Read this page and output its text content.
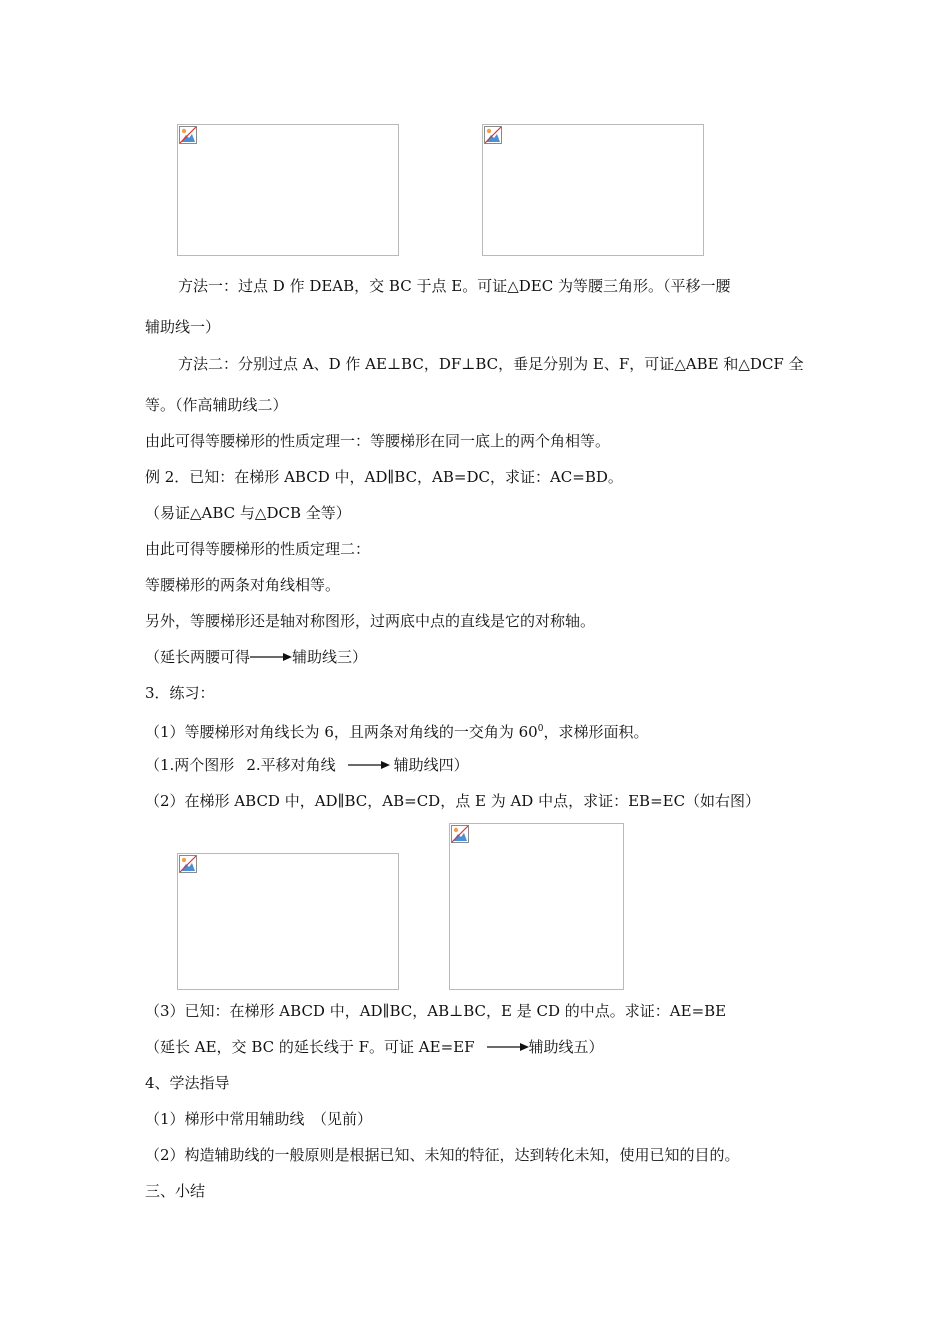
方法一：过点 D 作 DEAB，交 BC 于点 E。可证△DEC 为等腰三角形。（平移一腰
辅助线一）
方法二：分别过点 A、D 作 AE⊥BC，DF⊥BC，垂足分别为 E、F，可证△ABE 和△DCF 全
等。（作高辅助线二）
由此可得等腰梯形的性质定理一：等腰梯形在同一底上的两个角相等。
例 2．已知：在梯形 ABCD 中，AD∥BC，AB=DC，求证：AC=BD。
（易证△ABC 与△DCB 全等）
由此可得等腰梯形的性质定理二：
等腰梯形的两条对角线相等。
另外，等腰梯形还是轴对称图形，过两底中点的直线是它的对称轴。
（延长两腰可得	辅助线三）
3．练习：
（1）等腰梯形对角线长为 6，且两条对角线的一交角为 $60^0$，求梯形面积。
（1.两个图形 2.平移对角线	辅助线四）
（2）在梯形 ABCD 中，AD∥BC，AB=CD，点 E 为 AD 中点，求证：EB=EC（如右图）
（3）已知：在梯形 ABCD 中，AD∥BC，AB⊥BC，E 是 CD 的中点。求证：AE=BE
（延长 AE，交 BC 的延长线于 F。可证 AE=EF	辅助线五）
4、学法指导
（1）梯形中常用辅助线　（见前）
（2）构造辅助线的一般原则是根据已知、未知的特征，达到转化未知，使用已知的目的。
三、小结
